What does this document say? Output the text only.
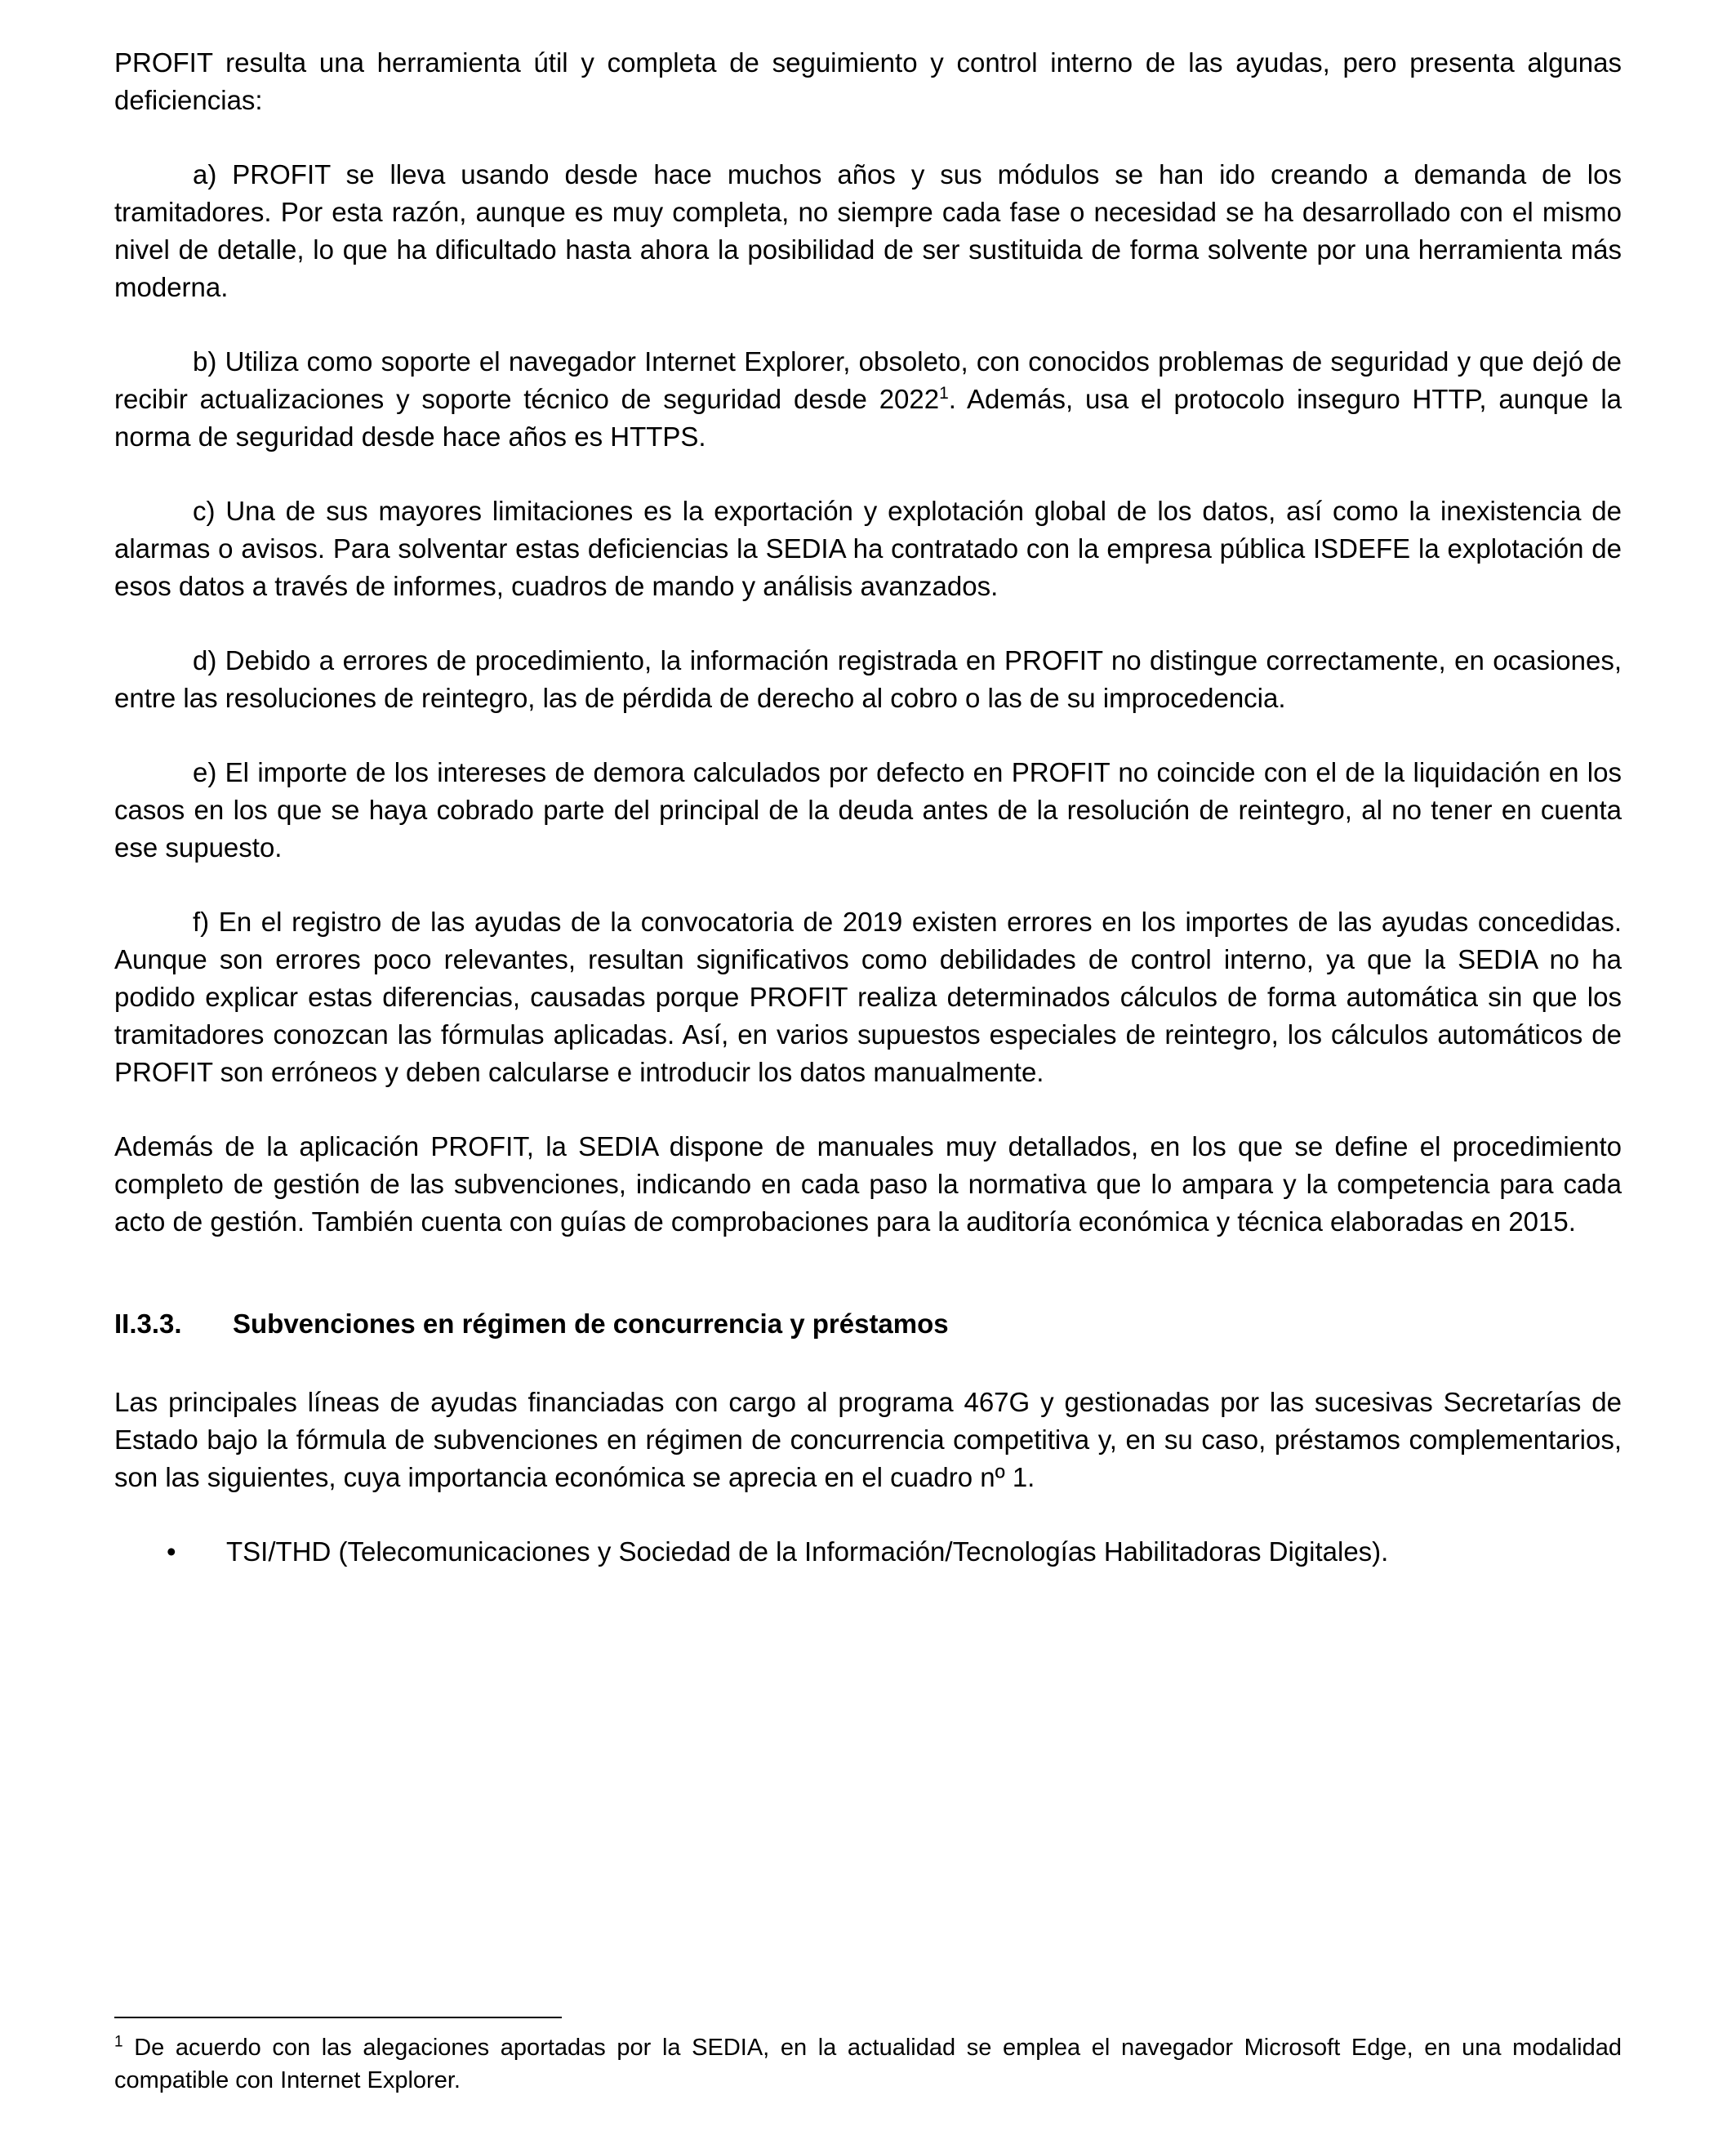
PROFIT resulta una herramienta útil y completa de seguimiento y control interno de las ayudas, pero presenta algunas deficiencias:

a) PROFIT se lleva usando desde hace muchos años y sus módulos se han ido creando a demanda de los tramitadores. Por esta razón, aunque es muy completa, no siempre cada fase o necesidad se ha desarrollado con el mismo nivel de detalle, lo que ha dificultado hasta ahora la posibilidad de ser sustituida de forma solvente por una herramienta más moderna.

b) Utiliza como soporte el navegador Internet Explorer, obsoleto, con conocidos problemas de seguridad y que dejó de recibir actualizaciones y soporte técnico de seguridad desde 2022$^1$. Además, usa el protocolo inseguro HTTP, aunque la norma de seguridad desde hace años es HTTPS.

c) Una de sus mayores limitaciones es la exportación y explotación global de los datos, así como la inexistencia de alarmas o avisos. Para solventar estas deficiencias la SEDIA ha contratado con la empresa pública ISDEFE la explotación de esos datos a través de informes, cuadros de mando y análisis avanzados.

d) Debido a errores de procedimiento, la información registrada en PROFIT no distingue correctamente, en ocasiones, entre las resoluciones de reintegro, las de pérdida de derecho al cobro o las de su improcedencia.

e) El importe de los intereses de demora calculados por defecto en PROFIT no coincide con el de la liquidación en los casos en los que se haya cobrado parte del principal de la deuda antes de la resolución de reintegro, al no tener en cuenta ese supuesto.

f) En el registro de las ayudas de la convocatoria de 2019 existen errores en los importes de las ayudas concedidas. Aunque son errores poco relevantes, resultan significativos como debilidades de control interno, ya que la SEDIA no ha podido explicar estas diferencias, causadas porque PROFIT realiza determinados cálculos de forma automática sin que los tramitadores conozcan las fórmulas aplicadas. Así, en varios supuestos especiales de reintegro, los cálculos automáticos de PROFIT son erróneos y deben calcularse e introducir los datos manualmente.

Además de la aplicación PROFIT, la SEDIA dispone de manuales muy detallados, en los que se define el procedimiento completo de gestión de las subvenciones, indicando en cada paso la normativa que lo ampara y la competencia para cada acto de gestión. También cuenta con guías de comprobaciones para la auditoría económica y técnica elaboradas en 2015.

II.3.3.	Subvenciones en régimen de concurrencia y préstamos

Las principales líneas de ayudas financiadas con cargo al programa 467G y gestionadas por las sucesivas Secretarías de Estado bajo la fórmula de subvenciones en régimen de concurrencia competitiva y, en su caso, préstamos complementarios, son las siguientes, cuya importancia económica se aprecia en el cuadro nº 1.

•	TSI/THD (Telecomunicaciones y Sociedad de la Información/Tecnologías Habilitadoras Digitales).

$^1$ De acuerdo con las alegaciones aportadas por la SEDIA, en la actualidad se emplea el navegador Microsoft Edge, en una modalidad compatible con Internet Explorer.
